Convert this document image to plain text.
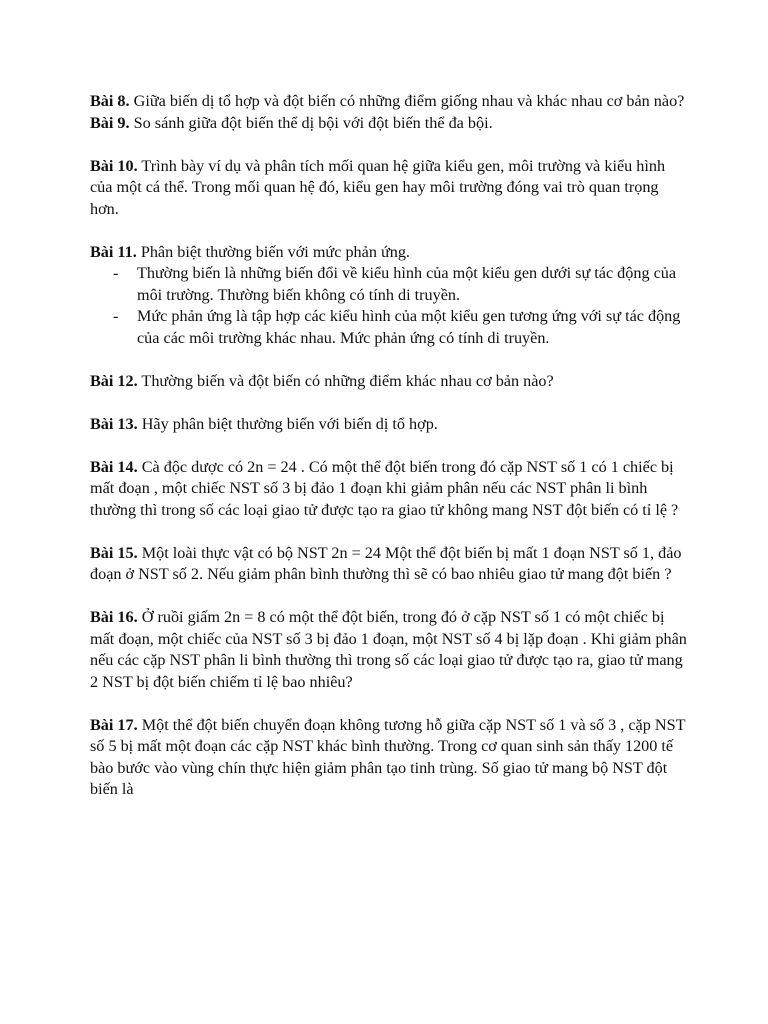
Bài 8. Giữa biến dị tổ hợp và đột biến có những điểm giống nhau và khác nhau cơ bản nào?

Bài 9. So sánh giữa đột biến thể dị bội với đột biến thể đa bội.

Bài 10. Trình bày ví dụ và phân tích mối quan hệ giữa kiểu gen, môi trường và kiểu hình của một cá thể. Trong mối quan hệ đó, kiểu gen hay môi trường đóng vai trò quan trọng hơn.

Bài 11. Phân biệt thường biến với mức phản ứng.

- Thường biến là những biến đổi về kiểu hình của một kiểu gen dưới sự tác động của môi trường. Thường biến không có tính di truyền.
- Mức phản ứng là tập hợp các kiểu hình của một kiểu gen tương ứng với sự tác động của các môi trường khác nhau. Mức phản ứng có tính di truyền.

Bài 12. Thường biến và đột biến có những điểm khác nhau cơ bản nào?

Bài 13. Hãy phân biệt thường biến với biến dị tổ hợp.

Bài 14. Cà độc dược có 2n = 24 . Có một thể đột biến trong đó cặp NST số 1 có 1 chiếc bị mất đoạn , một chiếc NST số 3 bị đảo 1 đoạn khi giảm phân nếu các NST phân li bình thường thì trong số các loại giao tử được tạo ra giao tử không mang NST đột biến có tỉ lệ ?

Bài 15. Một loài thực vật có bộ NST 2n = 24 Một thể đột biến bị mất 1 đoạn NST số 1, đảo đoạn ở NST số 2. Nếu giảm phân bình thường thì sẽ có bao nhiêu giao tử mang đột biến ?

Bài 16. Ở ruồi giấm 2n = 8 có một thể đột biến, trong đó ở cặp NST số 1 có một chiếc bị mất đoạn, một chiếc của NST số 3 bị đảo 1 đoạn, một NST số 4 bị lặp đoạn . Khi giảm phân nếu các cặp NST phân li bình thường thì trong số các loại giao tử được tạo ra, giao tử mang 2 NST bị đột biến chiếm tỉ lệ bao nhiêu?

Bài 17. Một thể đột biến chuyển đoạn không tương hỗ giữa cặp NST số 1 và số 3 , cặp NST số 5 bị mất một đoạn các cặp NST khác bình thường. Trong cơ quan sinh sản thấy 1200 tế bào bước vào vùng chín thực hiện giảm phân tạo tinh trùng. Số giao tử mang bộ NST đột biến là
